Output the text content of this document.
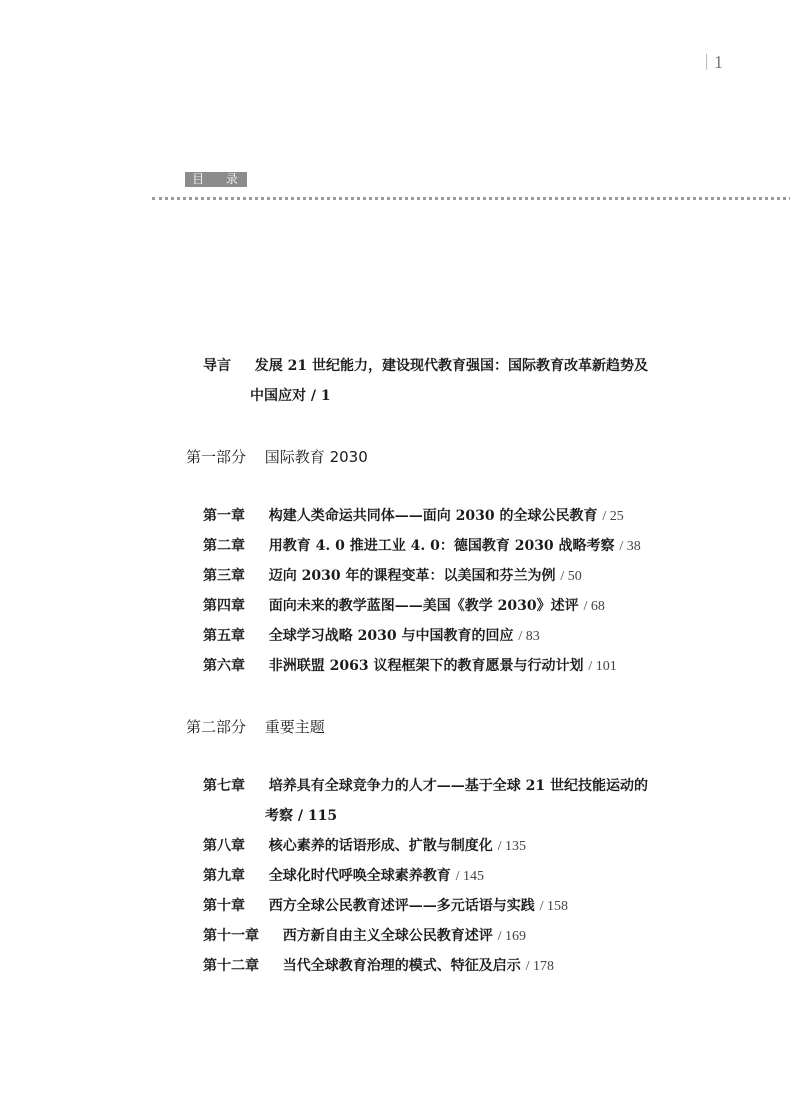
1
目 录
导言 发展 21 世纪能力，建设现代教育强国：国际教育改革新趋势及
中国应对 / 1
第一部分 国际教育 2030
第一章 构建人类命运共同体——面向 2030 的全球公民教育 / 25
第二章 用教育 4. 0 推进工业 4. 0：德国教育 2030 战略考察 / 38
第三章 迈向 2030 年的课程变革：以美国和芬兰为例 / 50
第四章 面向未来的教学蓝图——美国《教学 2030》述评 / 68
第五章 全球学习战略 2030 与中国教育的回应 / 83
第六章 非洲联盟 2063 议程框架下的教育愿景与行动计划 / 101
第二部分 重要主题
第七章 培养具有全球竞争力的人才——基于全球 21 世纪技能运动的
考察 / 115
第八章 核心素养的话语形成、扩散与制度化 / 135
第九章 全球化时代呼唤全球素养教育 / 145
第十章 西方全球公民教育述评——多元话语与实践 / 158
第十一章 西方新自由主义全球公民教育述评 / 169
第十二章 当代全球教育治理的模式、特征及启示 / 178
